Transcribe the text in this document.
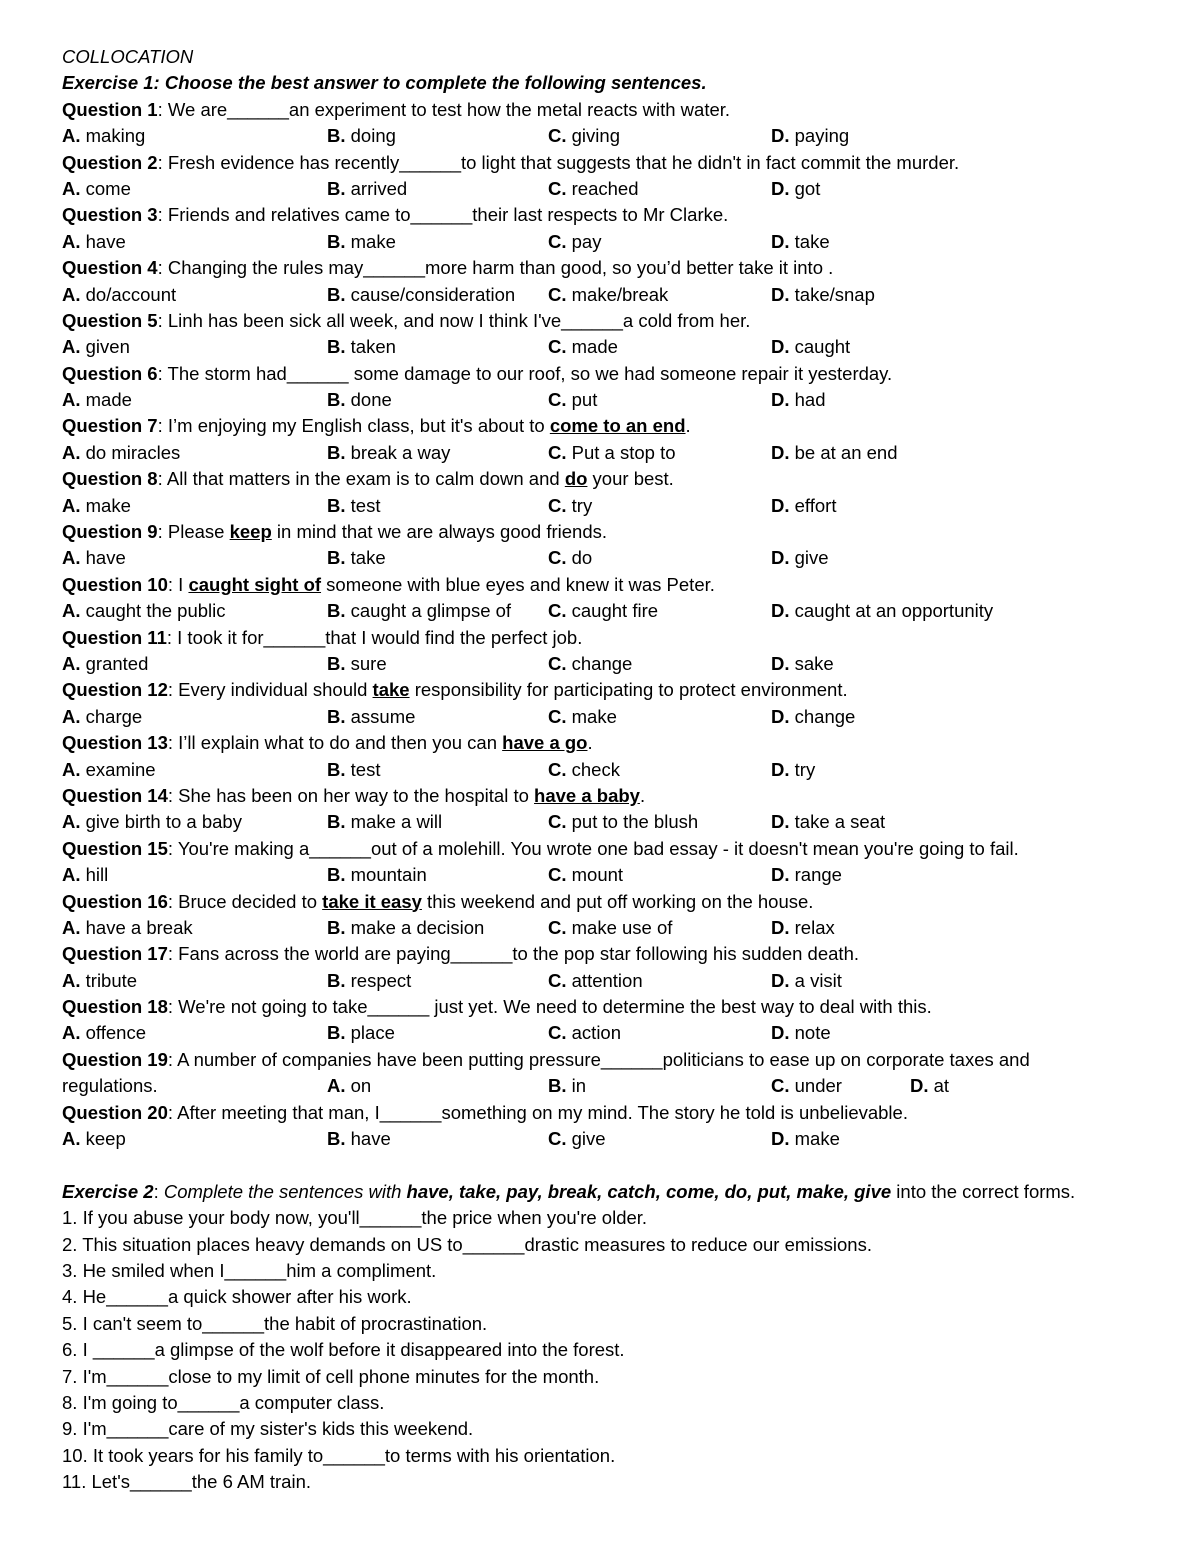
COLLOCATION
Exercise 1: Choose the best answer to complete the following sentences.
Question 1: We are______an experiment to test how the metal reacts with water.
A. making	B. doing	C. giving	D. paying
Question 2: Fresh evidence has recently______to light that suggests that he didn't in fact commit the murder.
A. come	B. arrived	C. reached	D. got
Question 3: Friends and relatives came to______their last respects to Mr Clarke.
A. have	B. make	C. pay	D. take
Question 4: Changing the rules may______more harm than good, so you’d better take it into .
A. do/account	B. cause/consideration C. make/break	D. take/snap
Question 5: Linh has been sick all week, and now I think I've______a cold from her.
A. given	B. taken	C. made	D. caught
Question 6: The storm had______ some damage to our roof, so we had someone repair it yesterday.
A. made	B. done	C. put	D. had
Question 7: I’m enjoying my English class, but it's about to come to an end.
A. do miracles	B. break a way	C. Put a stop to	D. be at an end
Question 8: All that matters in the exam is to calm down and do your best.
A. make	B. test	C. try	D. effort
Question 9: Please keep in mind that we are always good friends.
A. have	B. take	C. do	D. give
Question 10: I caught sight of someone with blue eyes and knew it was Peter.
A. caught the public	B. caught a glimpse of C. caught fire	D. caught at an opportunity
Question 11: I took it for______that I would find the perfect job.
A. granted	B. sure	C. change	D. sake
Question 12: Every individual should take responsibility for participating to protect environment.
A. charge	B. assume	C. make	D. change
Question 13: I’ll explain what to do and then you can have a go.
A. examine	B. test	C. check	D. try
Question 14: She has been on her way to the hospital to have a baby.
A. give birth to a baby	B. make a will	C. put to the blush	D. take a seat
Question 15: You're making a______out of a molehill. You wrote one bad essay - it doesn't mean you're going to fail.
A. hill	B. mountain	C. mount	D. range
Question 16: Bruce decided to take it easy this weekend and put off working on the house.
A. have a break	B. make a decision	C. make use of	D. relax
Question 17: Fans across the world are paying______to the pop star following his sudden death.
A. tribute	B. respect	C. attention	D. a visit
Question 18: We're not going to take______ just yet. We need to determine the best way to deal with this.
A. offence	B. place	C. action	D. note
Question 19: A number of companies have been putting pressure______politicians to ease up on corporate taxes and
regulations.	A. on	B. in	C. under	D. at
Question 20: After meeting that man, I______something on my mind. The story he told is unbelievable.
A. keep	B. have	C. give	D. make
Exercise 2: Complete the sentences with have, take, pay, break, catch, come, do, put, make, give into the correct forms.
1. If you abuse your body now, you'll______the price when you're older.
2. This situation places heavy demands on US to______drastic measures to reduce our emissions.
3. He smiled when I______him a compliment.
4. He______a quick shower after his work.
5. I can't seem to______the habit of procrastination.
6. I ______a glimpse of the wolf before it disappeared into the forest.
7. I'm______close to my limit of cell phone minutes for the month.
8. I'm going to______a computer class.
9. I'm______care of my sister's kids this weekend.
10. It took years for his family to______to terms with his orientation.
11. Let's______the 6 AM train.
